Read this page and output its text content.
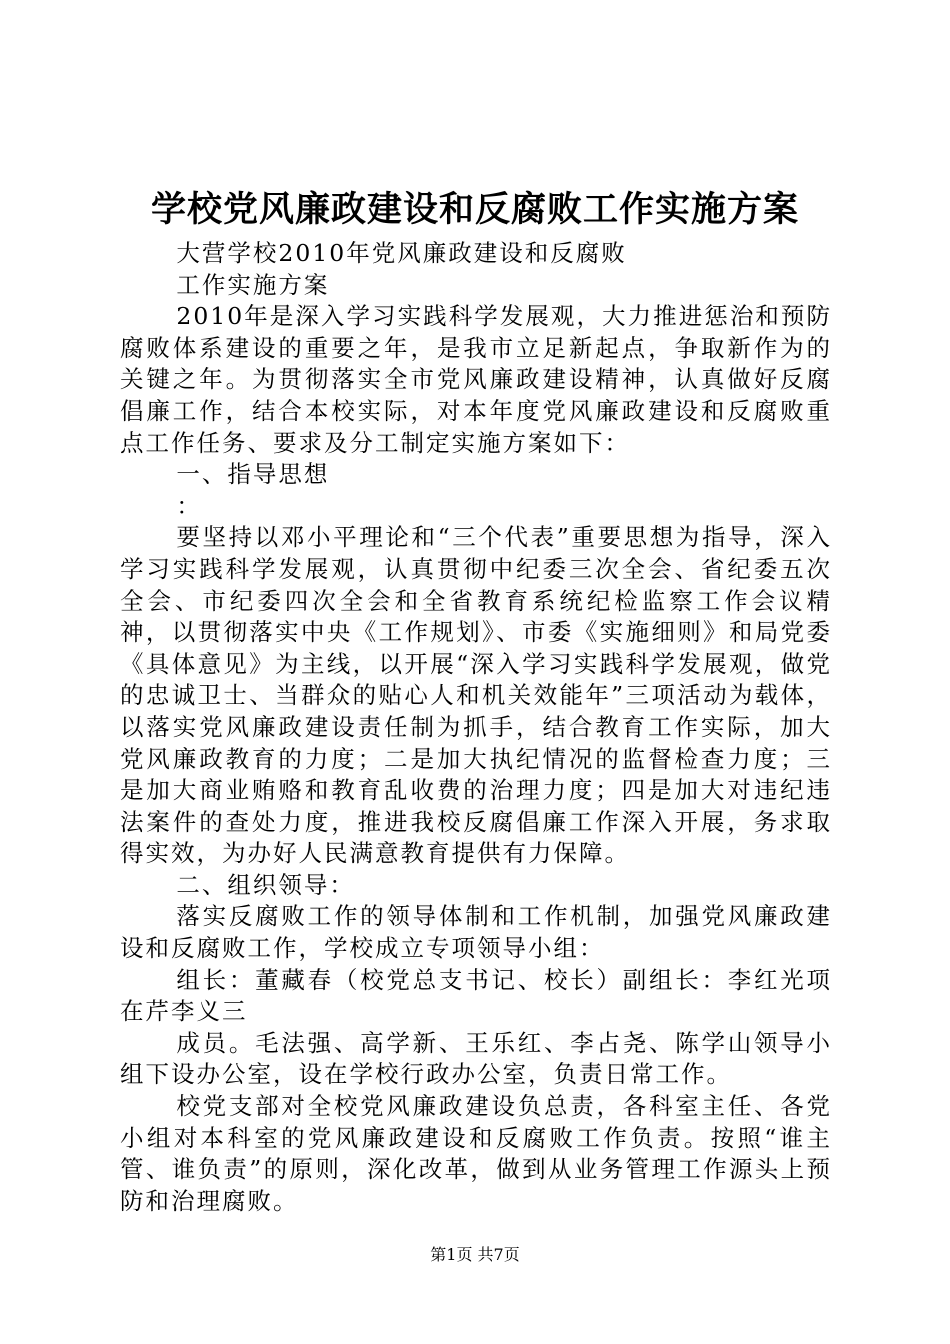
学校党风廉政建设和反腐败工作实施方案

大营学校2010年党风廉政建设和反腐败

工作实施方案

2010年是深入学习实践科学发展观，大力推进惩治和预防腐败体系建设的重要之年，是我市立足新起点，争取新作为的关键之年。为贯彻落实全市党风廉政建设精神，认真做好反腐倡廉工作，结合本校实际，对本年度党风廉政建设和反腐败重点工作任务、要求及分工制定实施方案如下：

一、指导思想

：

要坚持以邓小平理论和“三个代表”重要思想为指导，深入学习实践科学发展观，认真贯彻中纪委三次全会、省纪委五次全会、市纪委四次全会和全省教育系统纪检监察工作会议精神，以贯彻落实中央《工作规划》、市委《实施细则》和局党委《具体意见》为主线，以开展“深入学习实践科学发展观，做党的忠诚卫士、当群众的贴心人和机关效能年”三项活动为载体，以落实党风廉政建设责任制为抓手，结合教育工作实际，加大党风廉政教育的力度；二是加大执纪情况的监督检查力度；三是加大商业贿赂和教育乱收费的治理力度；四是加大对违纪违法案件的查处力度，推进我校反腐倡廉工作深入开展，务求取得实效，为办好人民满意教育提供有力保障。

二、组织领导：

落实反腐败工作的领导体制和工作机制，加强党风廉政建设和反腐败工作，学校成立专项领导小组：

组长：董藏春（校党总支书记、校长）副组长：李红光项在芹李义三

成员。毛法强、高学新、王乐红、李占尧、陈学山领导小组下设办公室，设在学校行政办公室，负责日常工作。

校党支部对全校党风廉政建设负总责，各科室主任、各党小组对本科室的党风廉政建设和反腐败工作负责。按照“谁主管、谁负责”的原则，深化改革，做到从业务管理工作源头上预防和治理腐败。

第1页 共7页
